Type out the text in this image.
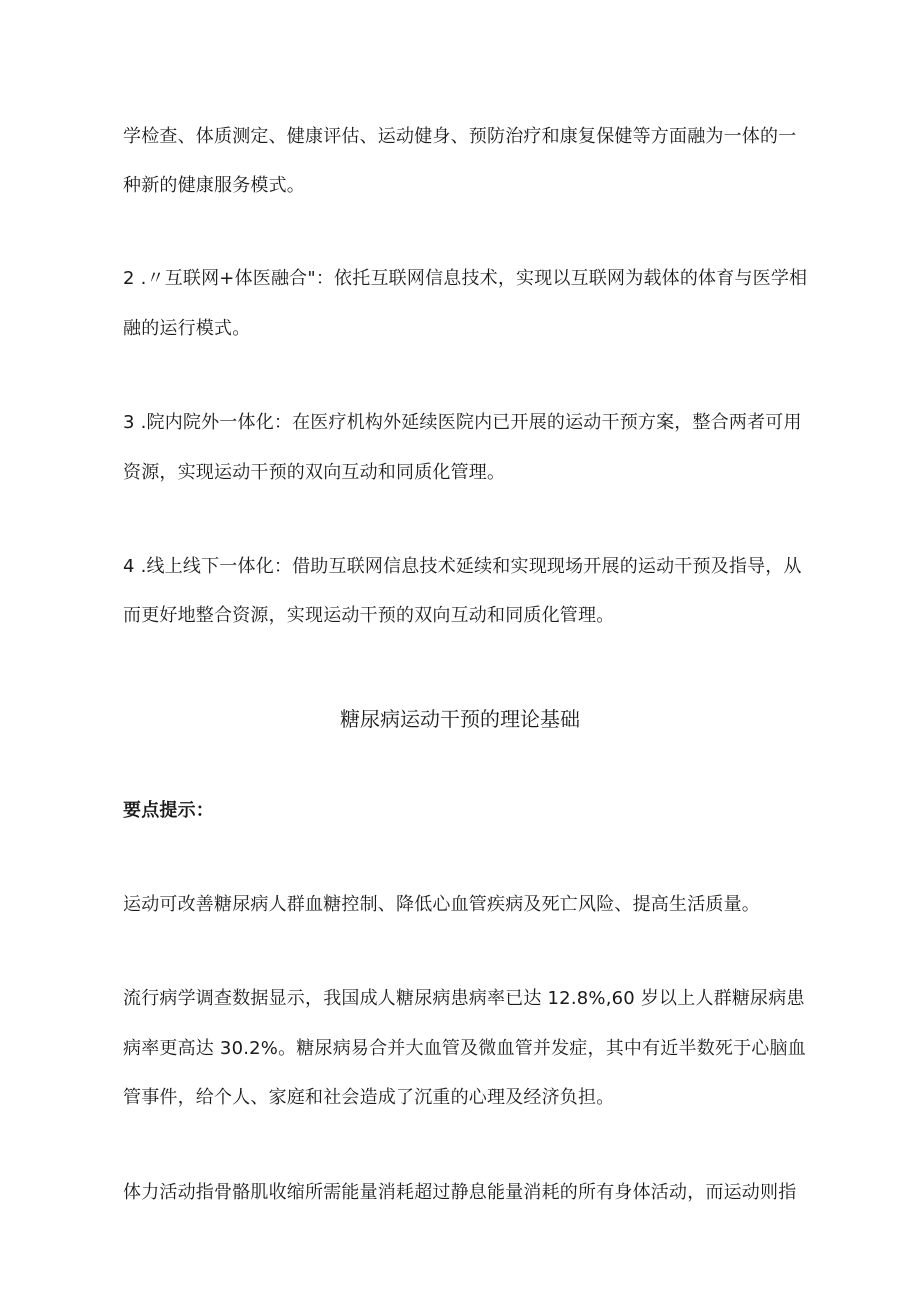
学检查、体质测定、健康评估、运动健身、预防治疗和康复保健等方面融为一体的一
种新的健康服务模式。
2 .〃互联网+体医融合"：依托互联网信息技术，实现以互联网为载体的体育与医学相
融的运行模式。
3 .院内院外一体化：在医疗机构外延续医院内已开展的运动干预方案，整合两者可用
资源，实现运动干预的双向互动和同质化管理。
4 .线上线下一体化：借助互联网信息技术延续和实现现场开展的运动干预及指导，从
而更好地整合资源，实现运动干预的双向互动和同质化管理。
糖尿病运动干预的理论基础
要点提示：
运动可改善糖尿病人群血糖控制、降低心血管疾病及死亡风险、提高生活质量。
流行病学调查数据显示，我国成人糖尿病患病率已达 12.8%,60 岁以上人群糖尿病患
病率更高达 30.2%。糖尿病易合并大血管及微血管并发症，其中有近半数死于心脑血
管事件，给个人、家庭和社会造成了沉重的心理及经济负担。
体力活动指骨骼肌收缩所需能量消耗超过静息能量消耗的所有身体活动，而运动则指
